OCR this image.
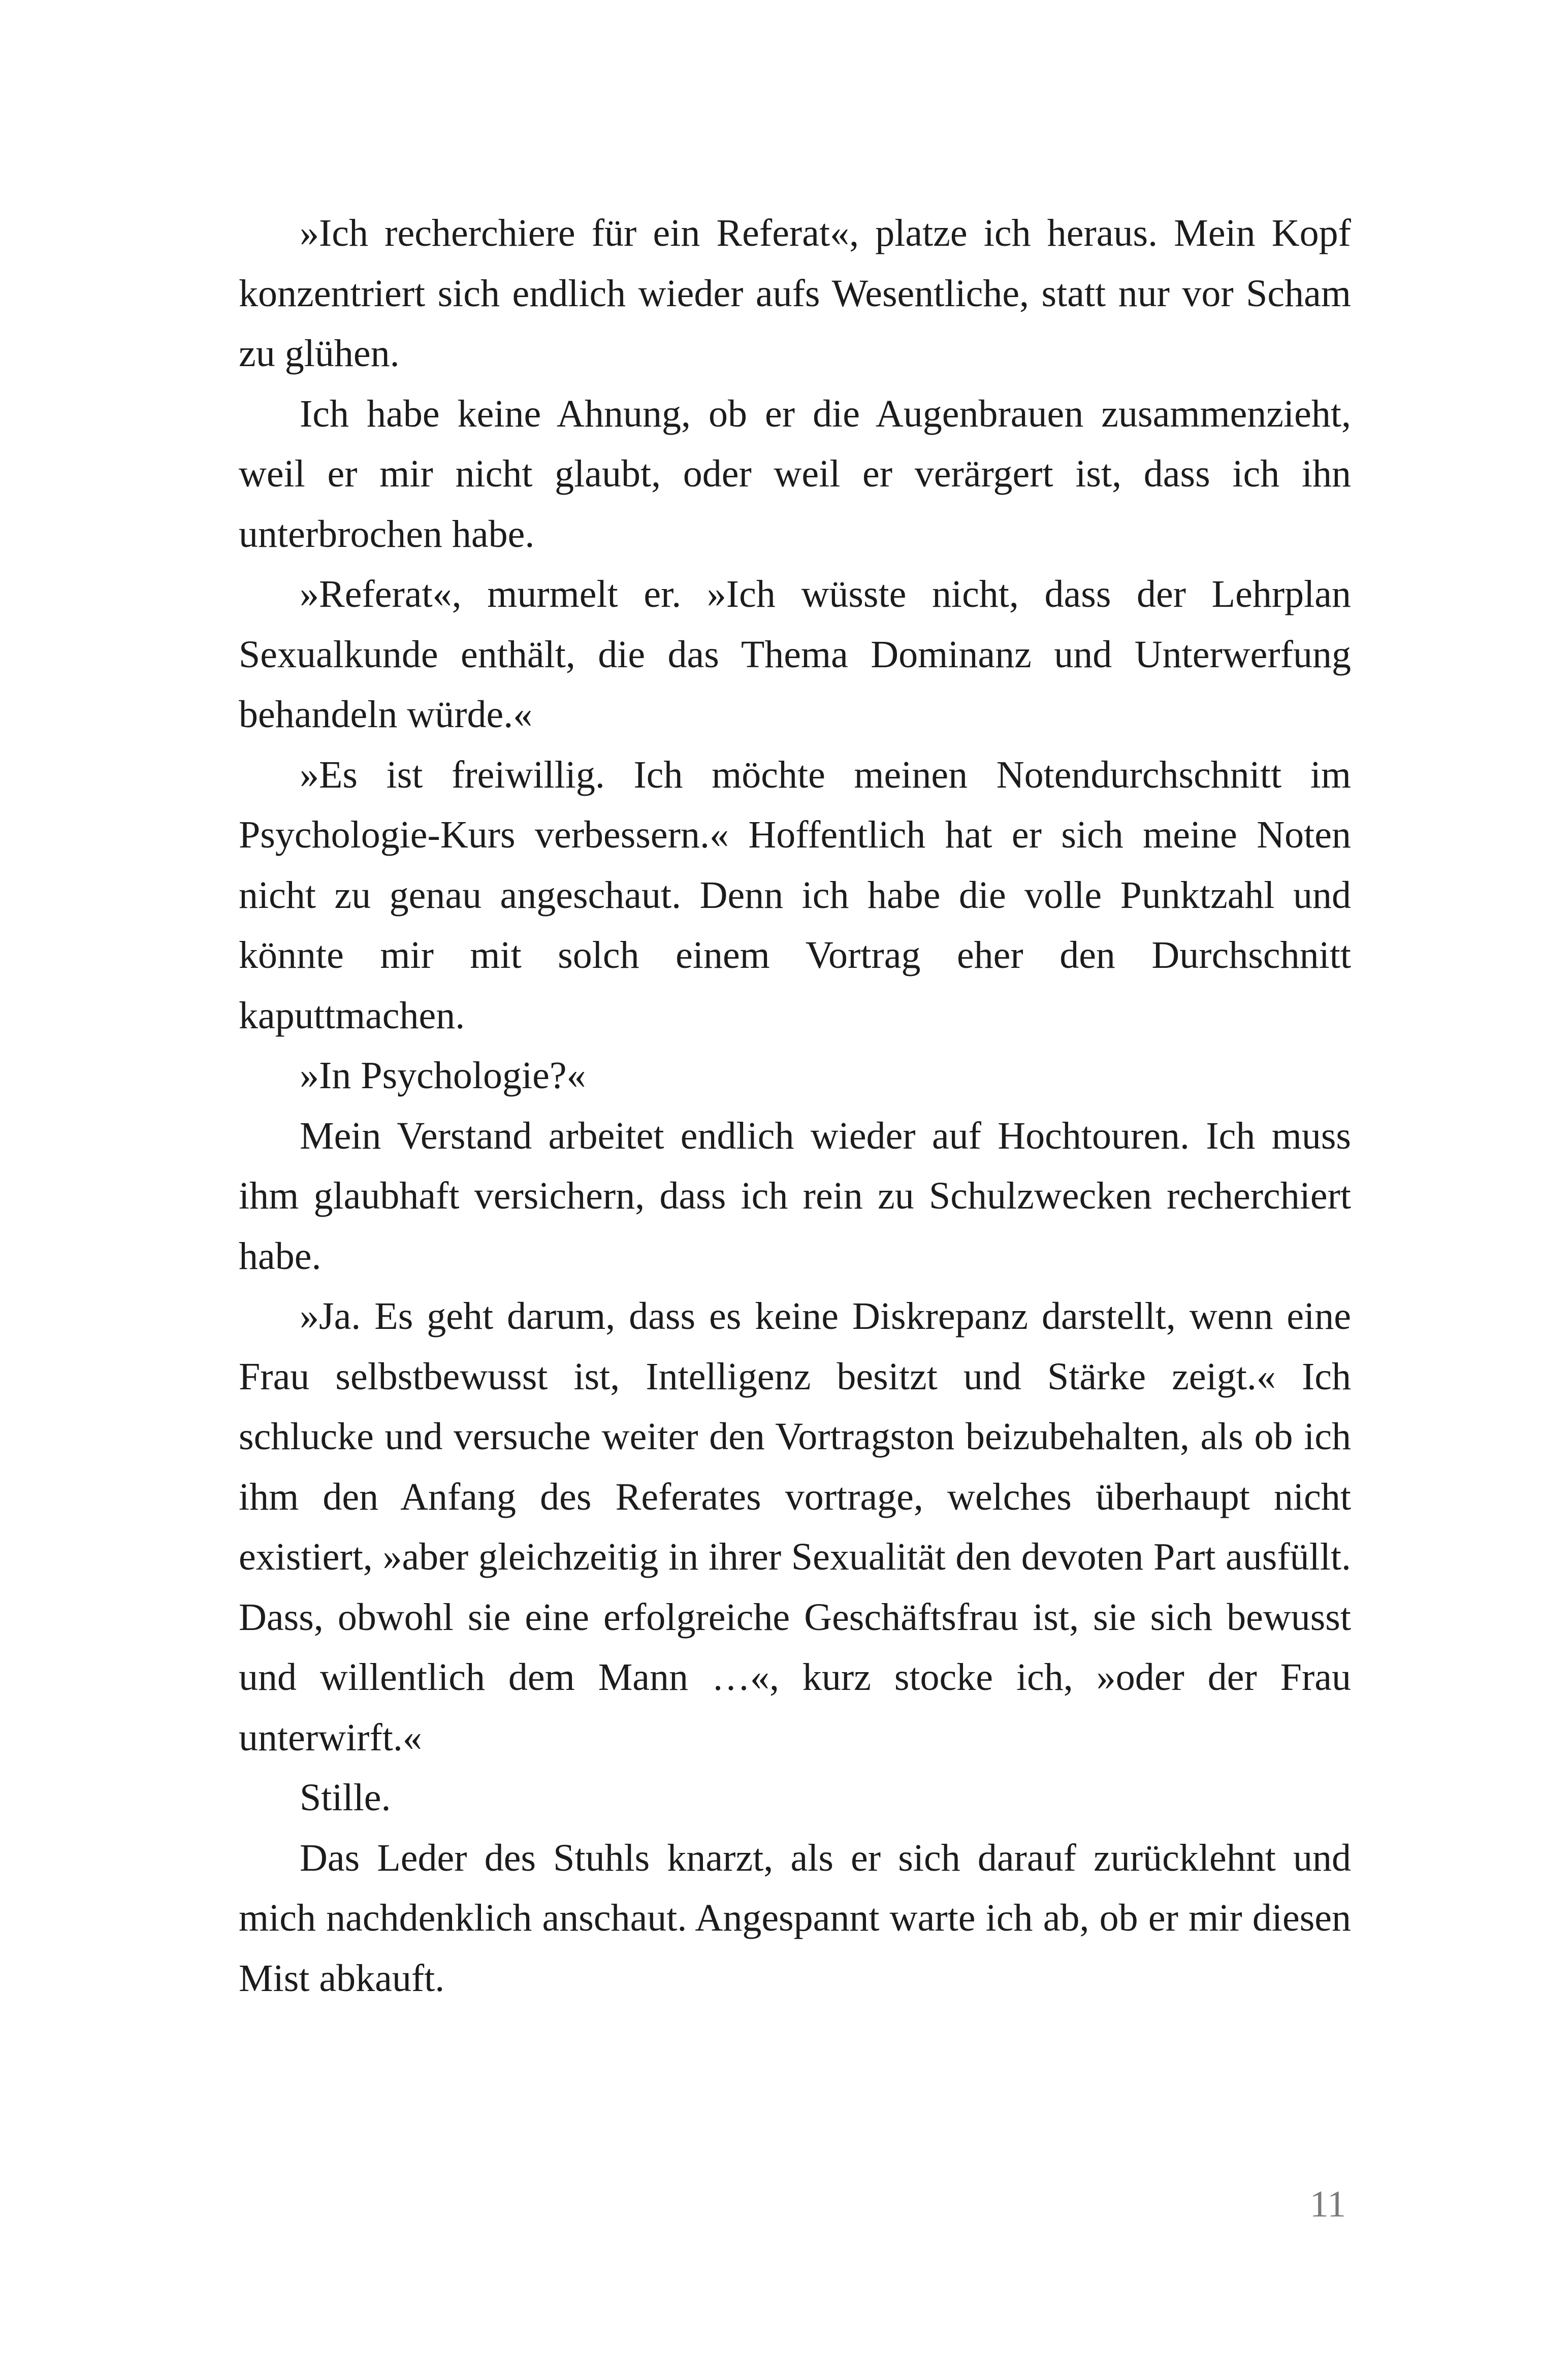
»Ich recherchiere für ein Referat«, platze ich heraus. Mein Kopf konzentriert sich endlich wieder aufs Wesentliche, statt nur vor Scham zu glühen.

Ich habe keine Ahnung, ob er die Augenbrauen zusammenzieht, weil er mir nicht glaubt, oder weil er verärgert ist, dass ich ihn unterbrochen habe.

»Referat«, murmelt er. »Ich wüsste nicht, dass der Lehrplan Sexualkunde enthält, die das Thema Dominanz und Unterwerfung behandeln würde.«

»Es ist freiwillig. Ich möchte meinen Notendurchschnitt im Psychologie-Kurs verbessern.« Hoffentlich hat er sich meine Noten nicht zu genau angeschaut. Denn ich habe die volle Punktzahl und könnte mir mit solch einem Vortrag eher den Durchschnitt kaputtmachen.

»In Psychologie?«

Mein Verstand arbeitet endlich wieder auf Hochtouren. Ich muss ihm glaubhaft versichern, dass ich rein zu Schulzwecken recherchiert habe.

»Ja. Es geht darum, dass es keine Diskrepanz darstellt, wenn eine Frau selbstbewusst ist, Intelligenz besitzt und Stärke zeigt.« Ich schlucke und versuche weiter den Vortragston beizubehalten, als ob ich ihm den Anfang des Referates vortrage, welches überhaupt nicht existiert, »aber gleichzeitig in ihrer Sexualität den devoten Part ausfüllt. Dass, obwohl sie eine erfolgreiche Geschäftsfrau ist, sie sich bewusst und willentlich dem Mann …«, kurz stocke ich, »oder der Frau unterwirft.«

Stille.

Das Leder des Stuhls knarzt, als er sich darauf zurücklehnt und mich nachdenklich anschaut. Angespannt warte ich ab, ob er mir diesen Mist abkauft.

11
